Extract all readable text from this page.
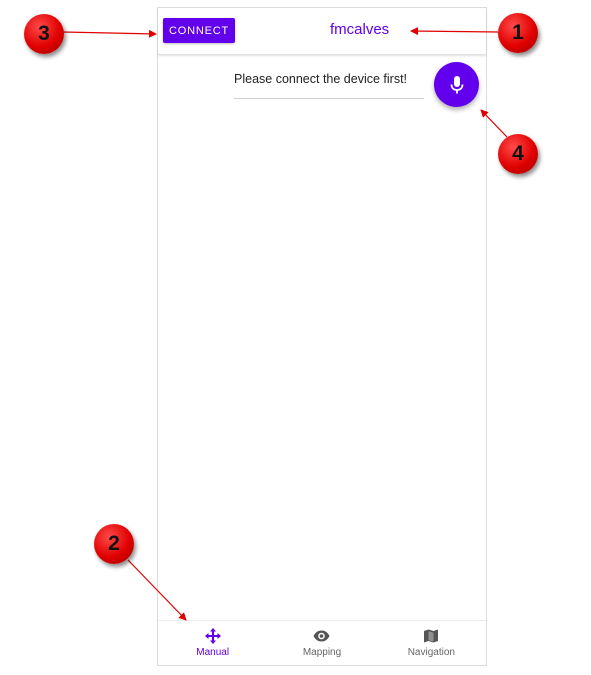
CONNECT	fmcalves
Please connect the device first!
Manual	Mapping	Navigation
1
2
3
4
